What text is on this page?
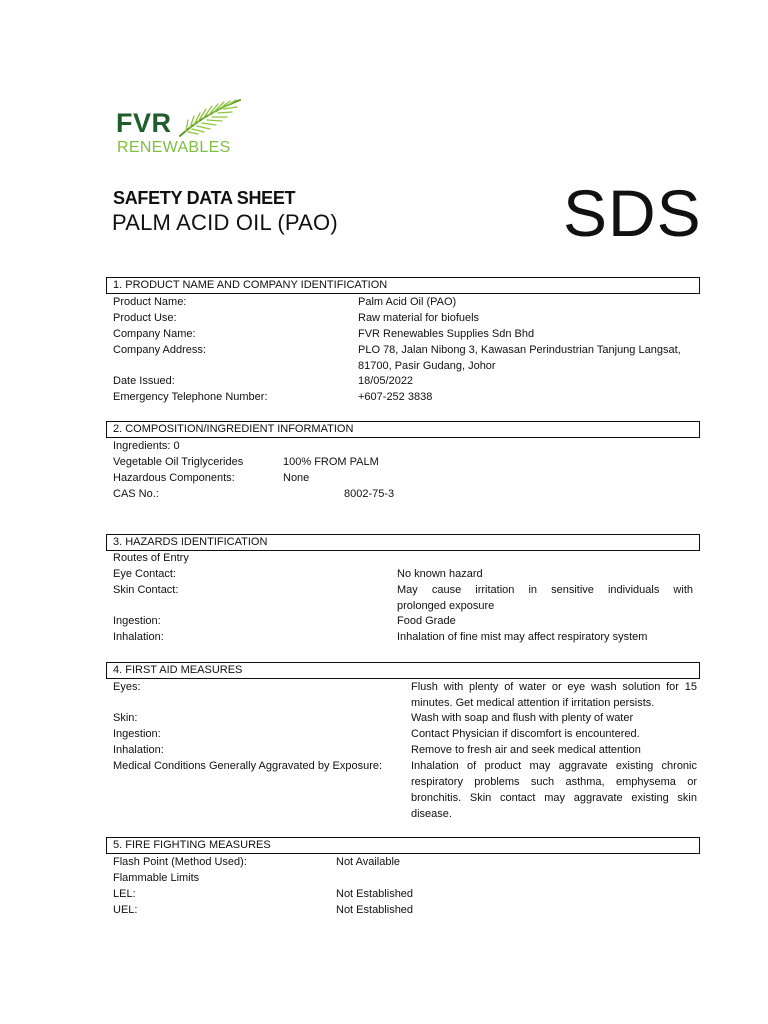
FVR
RENEWABLES
SAFETY DATA SHEET
PALM ACID OIL (PAO)	SDS
1. PRODUCT NAME AND COMPANY IDENTIFICATION
Product Name:	Palm Acid Oil (PAO)
Product Use:	Raw material for biofuels
Company Name:	FVR Renewables Supplies Sdn Bhd
Company Address:	PLO 78, Jalan Nibong 3, Kawasan Perindustrian Tanjung Langsat,
81700, Pasir Gudang, Johor
Date Issued:	18/05/2022
Emergency Telephone Number:	+607-252 3838
2. COMPOSITION/INGREDIENT INFORMATION
Ingredients: 0
Vegetable Oil Triglycerides	100% FROM PALM
Hazardous Components:	None
CAS No.:	8002-75-3
3. HAZARDS IDENTIFICATION
Routes of Entry
Eye Contact:	No known hazard
Skin Contact:	May cause irritation in sensitive individuals with
prolonged exposure
Ingestion:	Food Grade
Inhalation:	Inhalation of fine mist may affect respiratory system
4. FIRST AID MEASURES
Eyes:	Flush with plenty of water or eye wash solution for 15
minutes. Get medical attention if irritation persists.
Skin:	Wash with soap and flush with plenty of water
Ingestion:	Contact Physician if discomfort is encountered.
Inhalation:	Remove to fresh air and seek medical attention
Medical Conditions Generally Aggravated by Exposure:	Inhalation of product may aggravate existing chronic
respiratory problems such asthma, emphysema or
bronchitis. Skin contact may aggravate existing skin
disease.
5. FIRE FIGHTING MEASURES
Flash Point (Method Used):	Not Available
Flammable Limits
LEL:	Not Established
UEL:	Not Established
